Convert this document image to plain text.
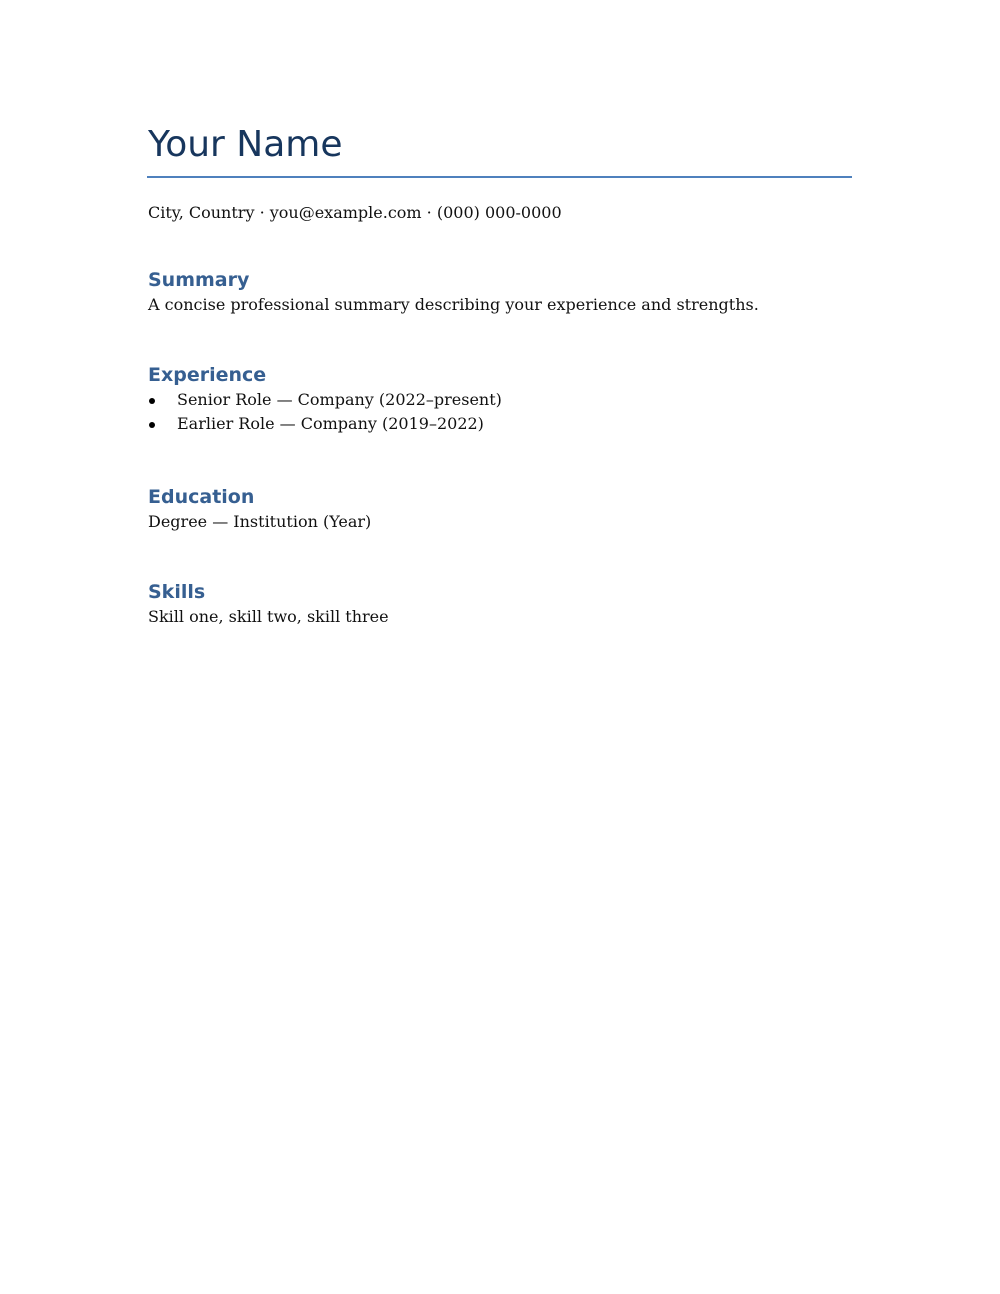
Your Name
City, Country · you@example.com · (000) 000-0000
Summary
A concise professional summary describing your experience and strengths.
Experience
Senior Role — Company (2022–present)
Earlier Role — Company (2019–2022)
Education
Degree — Institution (Year)
Skills
Skill one, skill two, skill three
